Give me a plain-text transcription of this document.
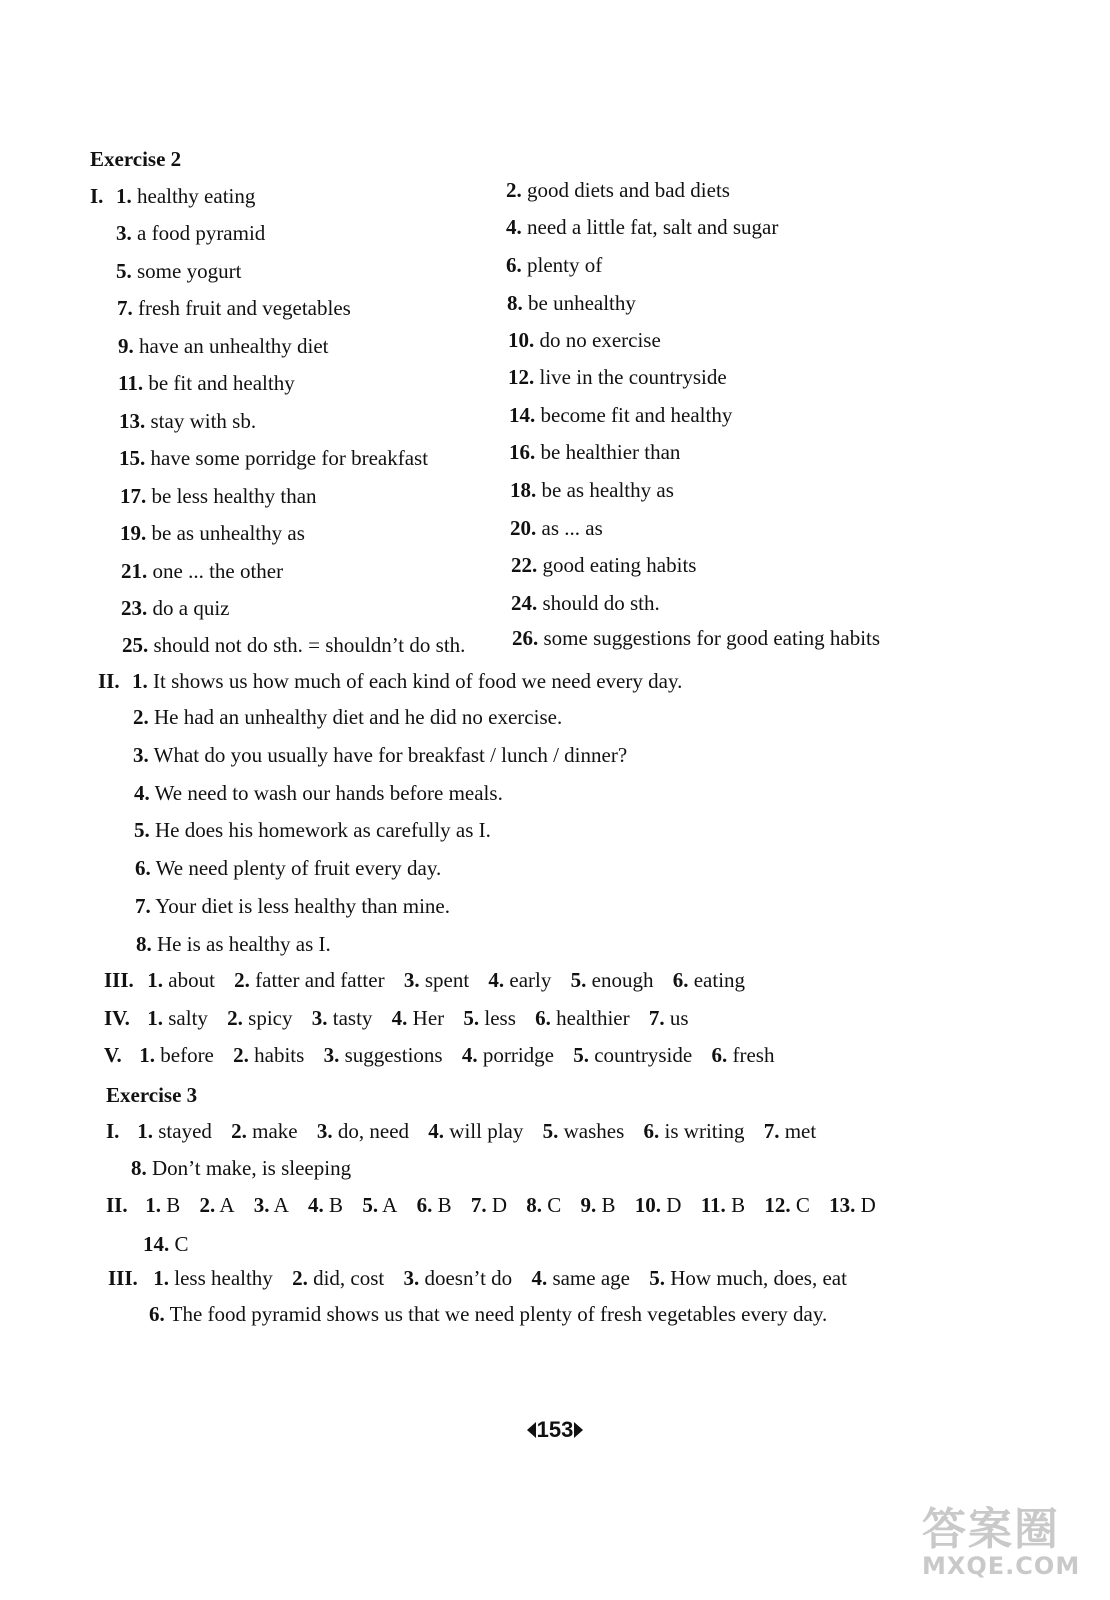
Exercise 2
I. 1. healthy eating	2. good diets and bad diets
3. a food pyramid	4. need a little fat, salt and sugar
5. some yogurt	6. plenty of
7. fresh fruit and vegetables	8. be unhealthy
9. have an unhealthy diet	10. do no exercise
11. be fit and healthy	12. live in the countryside
13. stay with sb.	14. become fit and healthy
15. have some porridge for breakfast	16. be healthier than
17. be less healthy than	18. be as healthy as
19. be as unhealthy as	20. as ... as
21. one ... the other	22. good eating habits
23. do a quiz	24. should do sth.
25. should not do sth. = shouldn’t do sth. 26. some suggestions for good eating habits
II. 1. It shows us how much of each kind of food we need every day.
2. He had an unhealthy diet and he did no exercise.
3. What do you usually have for breakfast / lunch / dinner?
4. We need to wash our hands before meals.
5. He does his homework as carefully as I.
6. We need plenty of fruit every day.
7. Your diet is less healthy than mine.
8. He is as healthy as I.
III. 1. about 2. fatter and fatter 3. spent 4. early 5. enough 6. eating
IV. 1. salty 2. spicy 3. tasty 4. Her 5. less 6. healthier 7. us
V. 1. before 2. habits 3. suggestions 4. porridge 5. countryside 6. fresh
Exercise 3
I. 1. stayed 2. make 3. do, need 4. will play 5. washes 6. is writing 7. met
8. Don’t make, is sleeping
II. 1. B 2. A 3. A 4. B 5. A 6. B 7. D 8. C 9. B 10. D 11. B 12. C 13. D
14. C
III. 1. less healthy 2. did, cost 3. doesn’t do 4. same age 5. How much, does, eat
6. The food pyramid shows us that we need plenty of fresh vegetables every day.
153
答案圈
MXQE.COM
